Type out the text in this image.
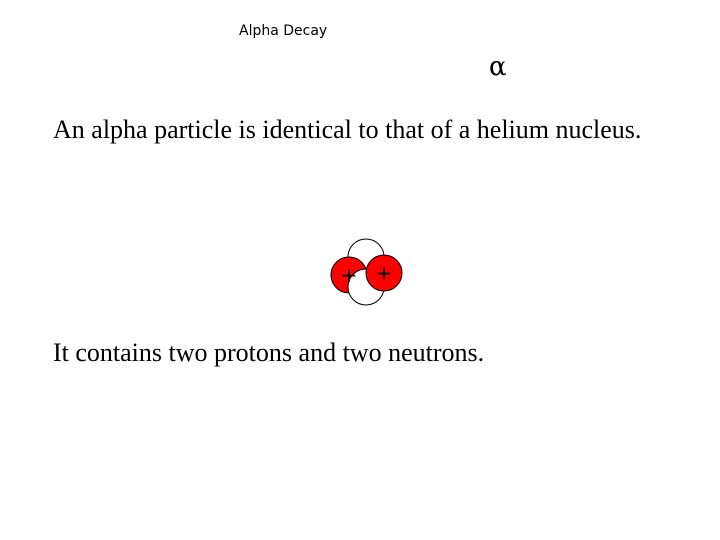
Alpha Decay
α
An alpha particle is identical to that of a helium nucleus.
+ +
It contains two protons and two neutrons.
